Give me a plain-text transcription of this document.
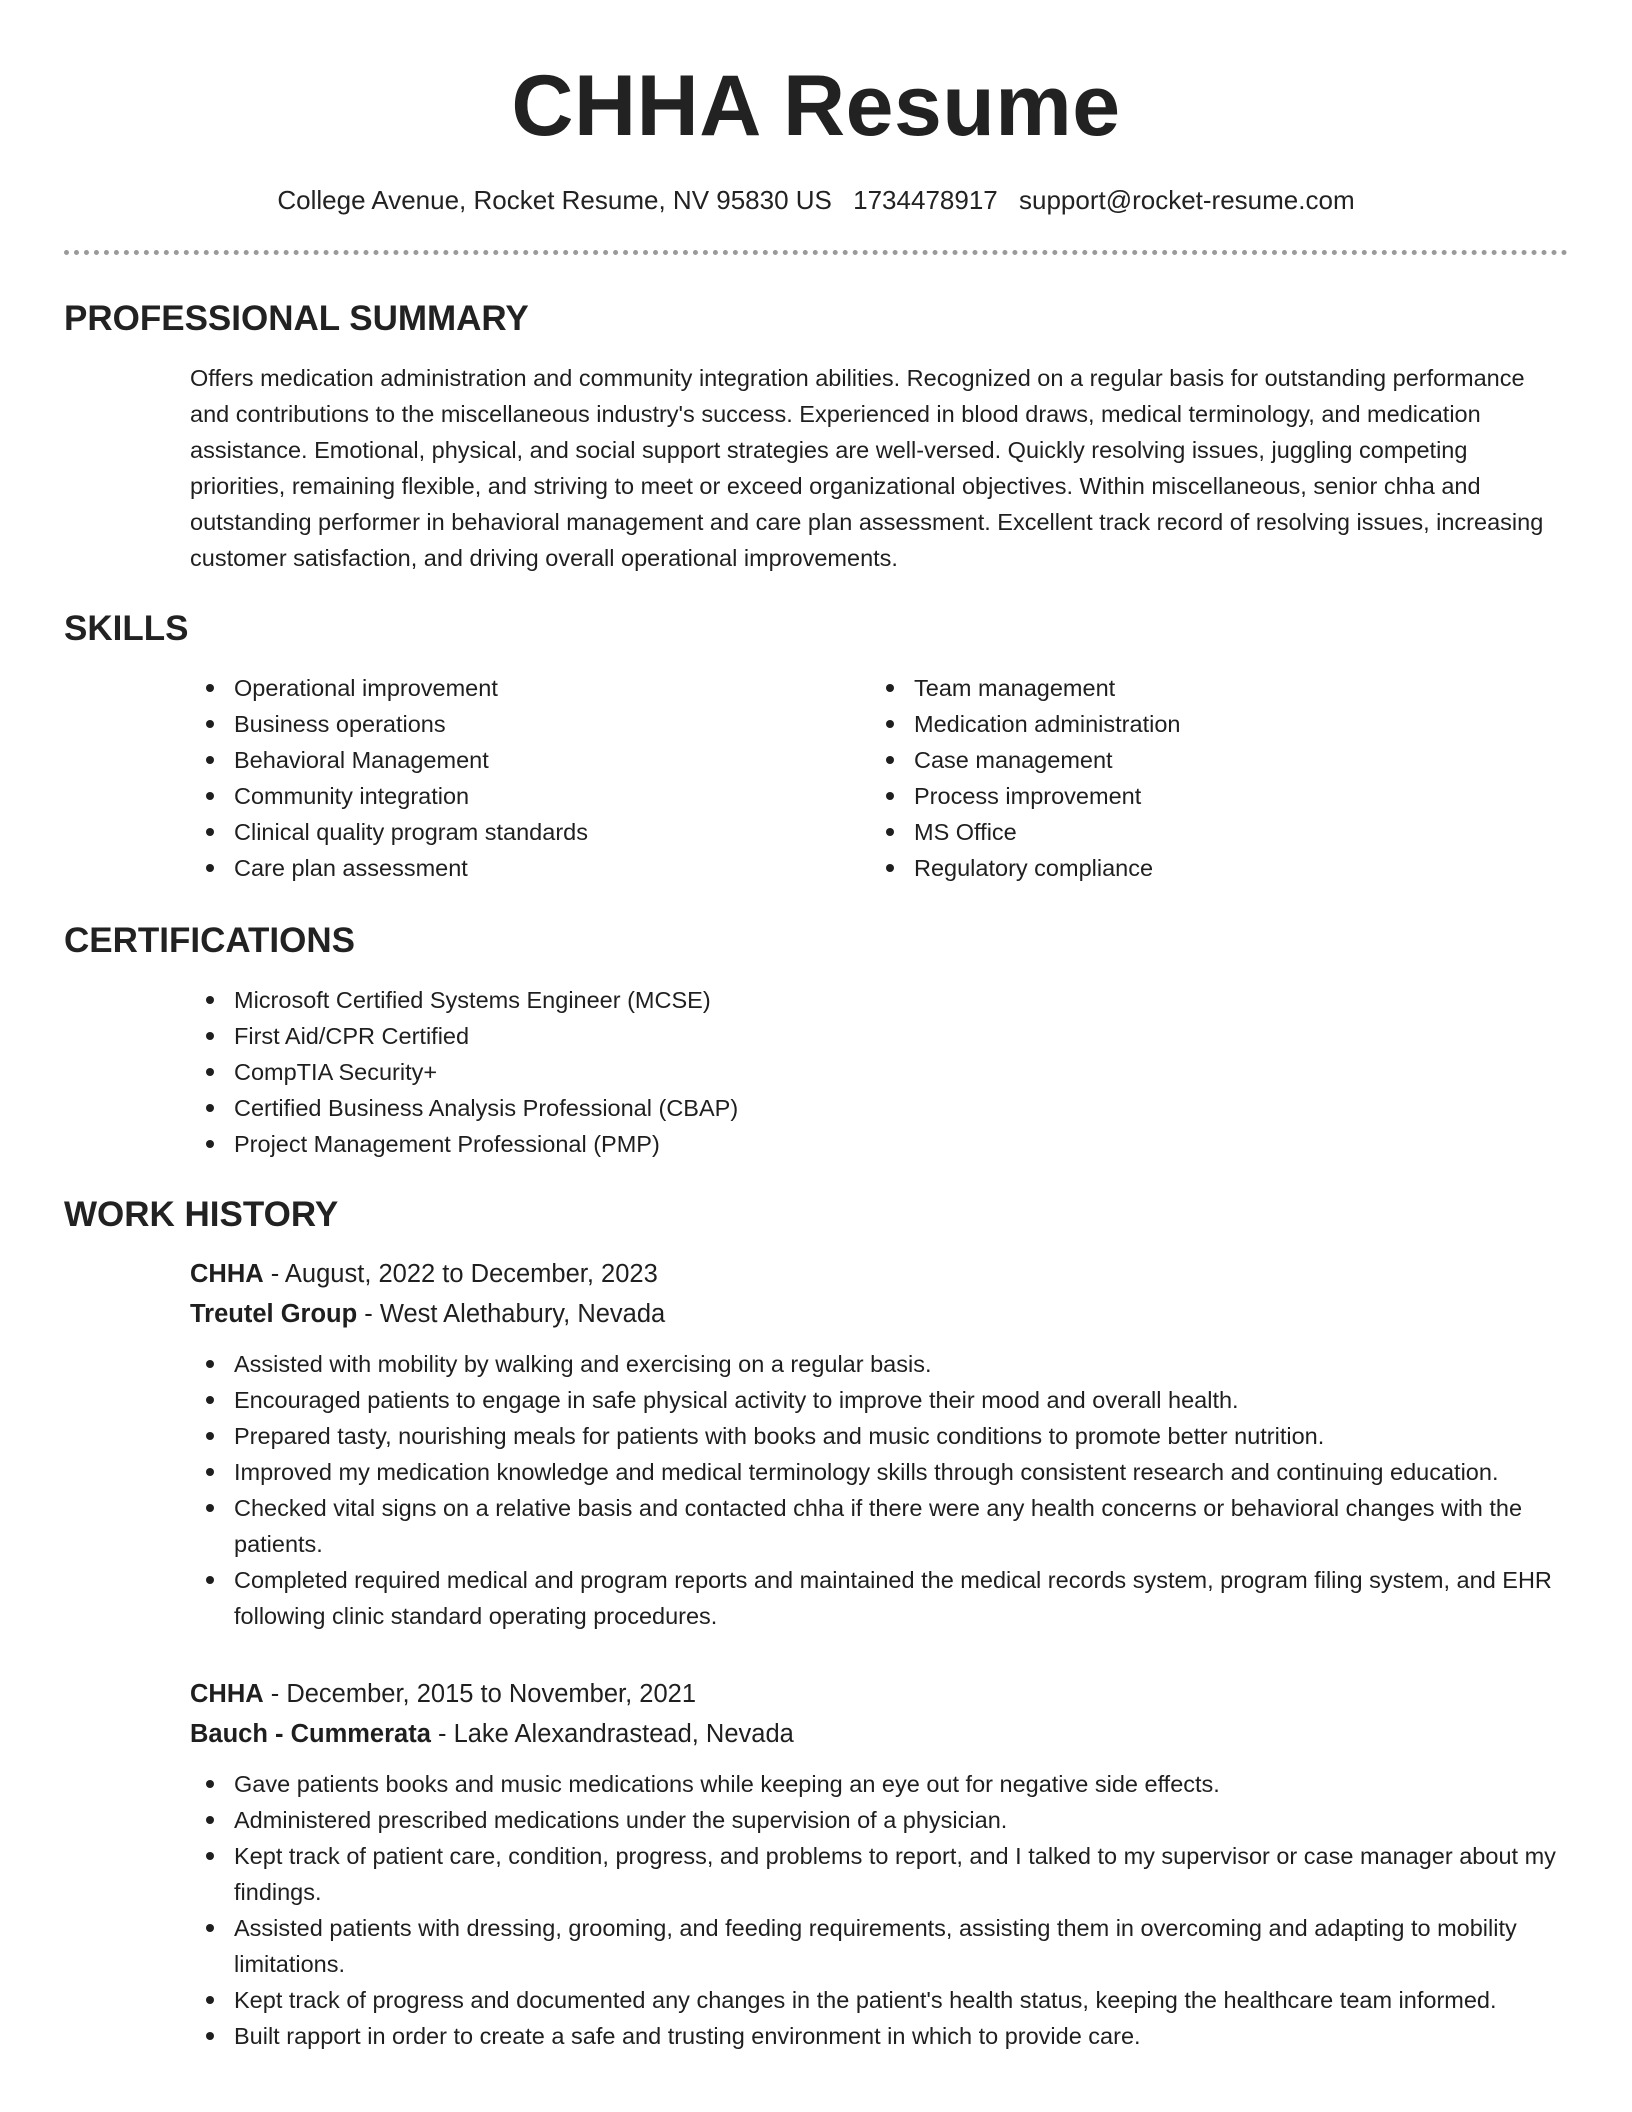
CHHA Resume
College Avenue, Rocket Resume, NV 95830 US 1734478917 support@rocket-resume.com
PROFESSIONAL SUMMARY
Offers medication administration and community integration abilities. Recognized on a regular basis for outstanding performance and contributions to the miscellaneous industry's success. Experienced in blood draws, medical terminology, and medication assistance. Emotional, physical, and social support strategies are well-versed. Quickly resolving issues, juggling competing priorities, remaining flexible, and striving to meet or exceed organizational objectives. Within miscellaneous, senior chha and outstanding performer in behavioral management and care plan assessment. Excellent track record of resolving issues, increasing customer satisfaction, and driving overall operational improvements.
SKILLS
Operational improvement
Business operations
Behavioral Management
Community integration
Clinical quality program standards
Care plan assessment
Team management
Medication administration
Case management
Process improvement
MS Office
Regulatory compliance
CERTIFICATIONS
Microsoft Certified Systems Engineer (MCSE)
First Aid/CPR Certified
CompTIA Security+
Certified Business Analysis Professional (CBAP)
Project Management Professional (PMP)
WORK HISTORY
CHHA - August, 2022 to December, 2023
Treutel Group - West Alethabury, Nevada
Assisted with mobility by walking and exercising on a regular basis.
Encouraged patients to engage in safe physical activity to improve their mood and overall health.
Prepared tasty, nourishing meals for patients with books and music conditions to promote better nutrition.
Improved my medication knowledge and medical terminology skills through consistent research and continuing education.
Checked vital signs on a relative basis and contacted chha if there were any health concerns or behavioral changes with the patients.
Completed required medical and program reports and maintained the medical records system, program filing system, and EHR following clinic standard operating procedures.
CHHA - December, 2015 to November, 2021
Bauch - Cummerata - Lake Alexandrastead, Nevada
Gave patients books and music medications while keeping an eye out for negative side effects.
Administered prescribed medications under the supervision of a physician.
Kept track of patient care, condition, progress, and problems to report, and I talked to my supervisor or case manager about my findings.
Assisted patients with dressing, grooming, and feeding requirements, assisting them in overcoming and adapting to mobility limitations.
Kept track of progress and documented any changes in the patient's health status, keeping the healthcare team informed.
Built rapport in order to create a safe and trusting environment in which to provide care.
